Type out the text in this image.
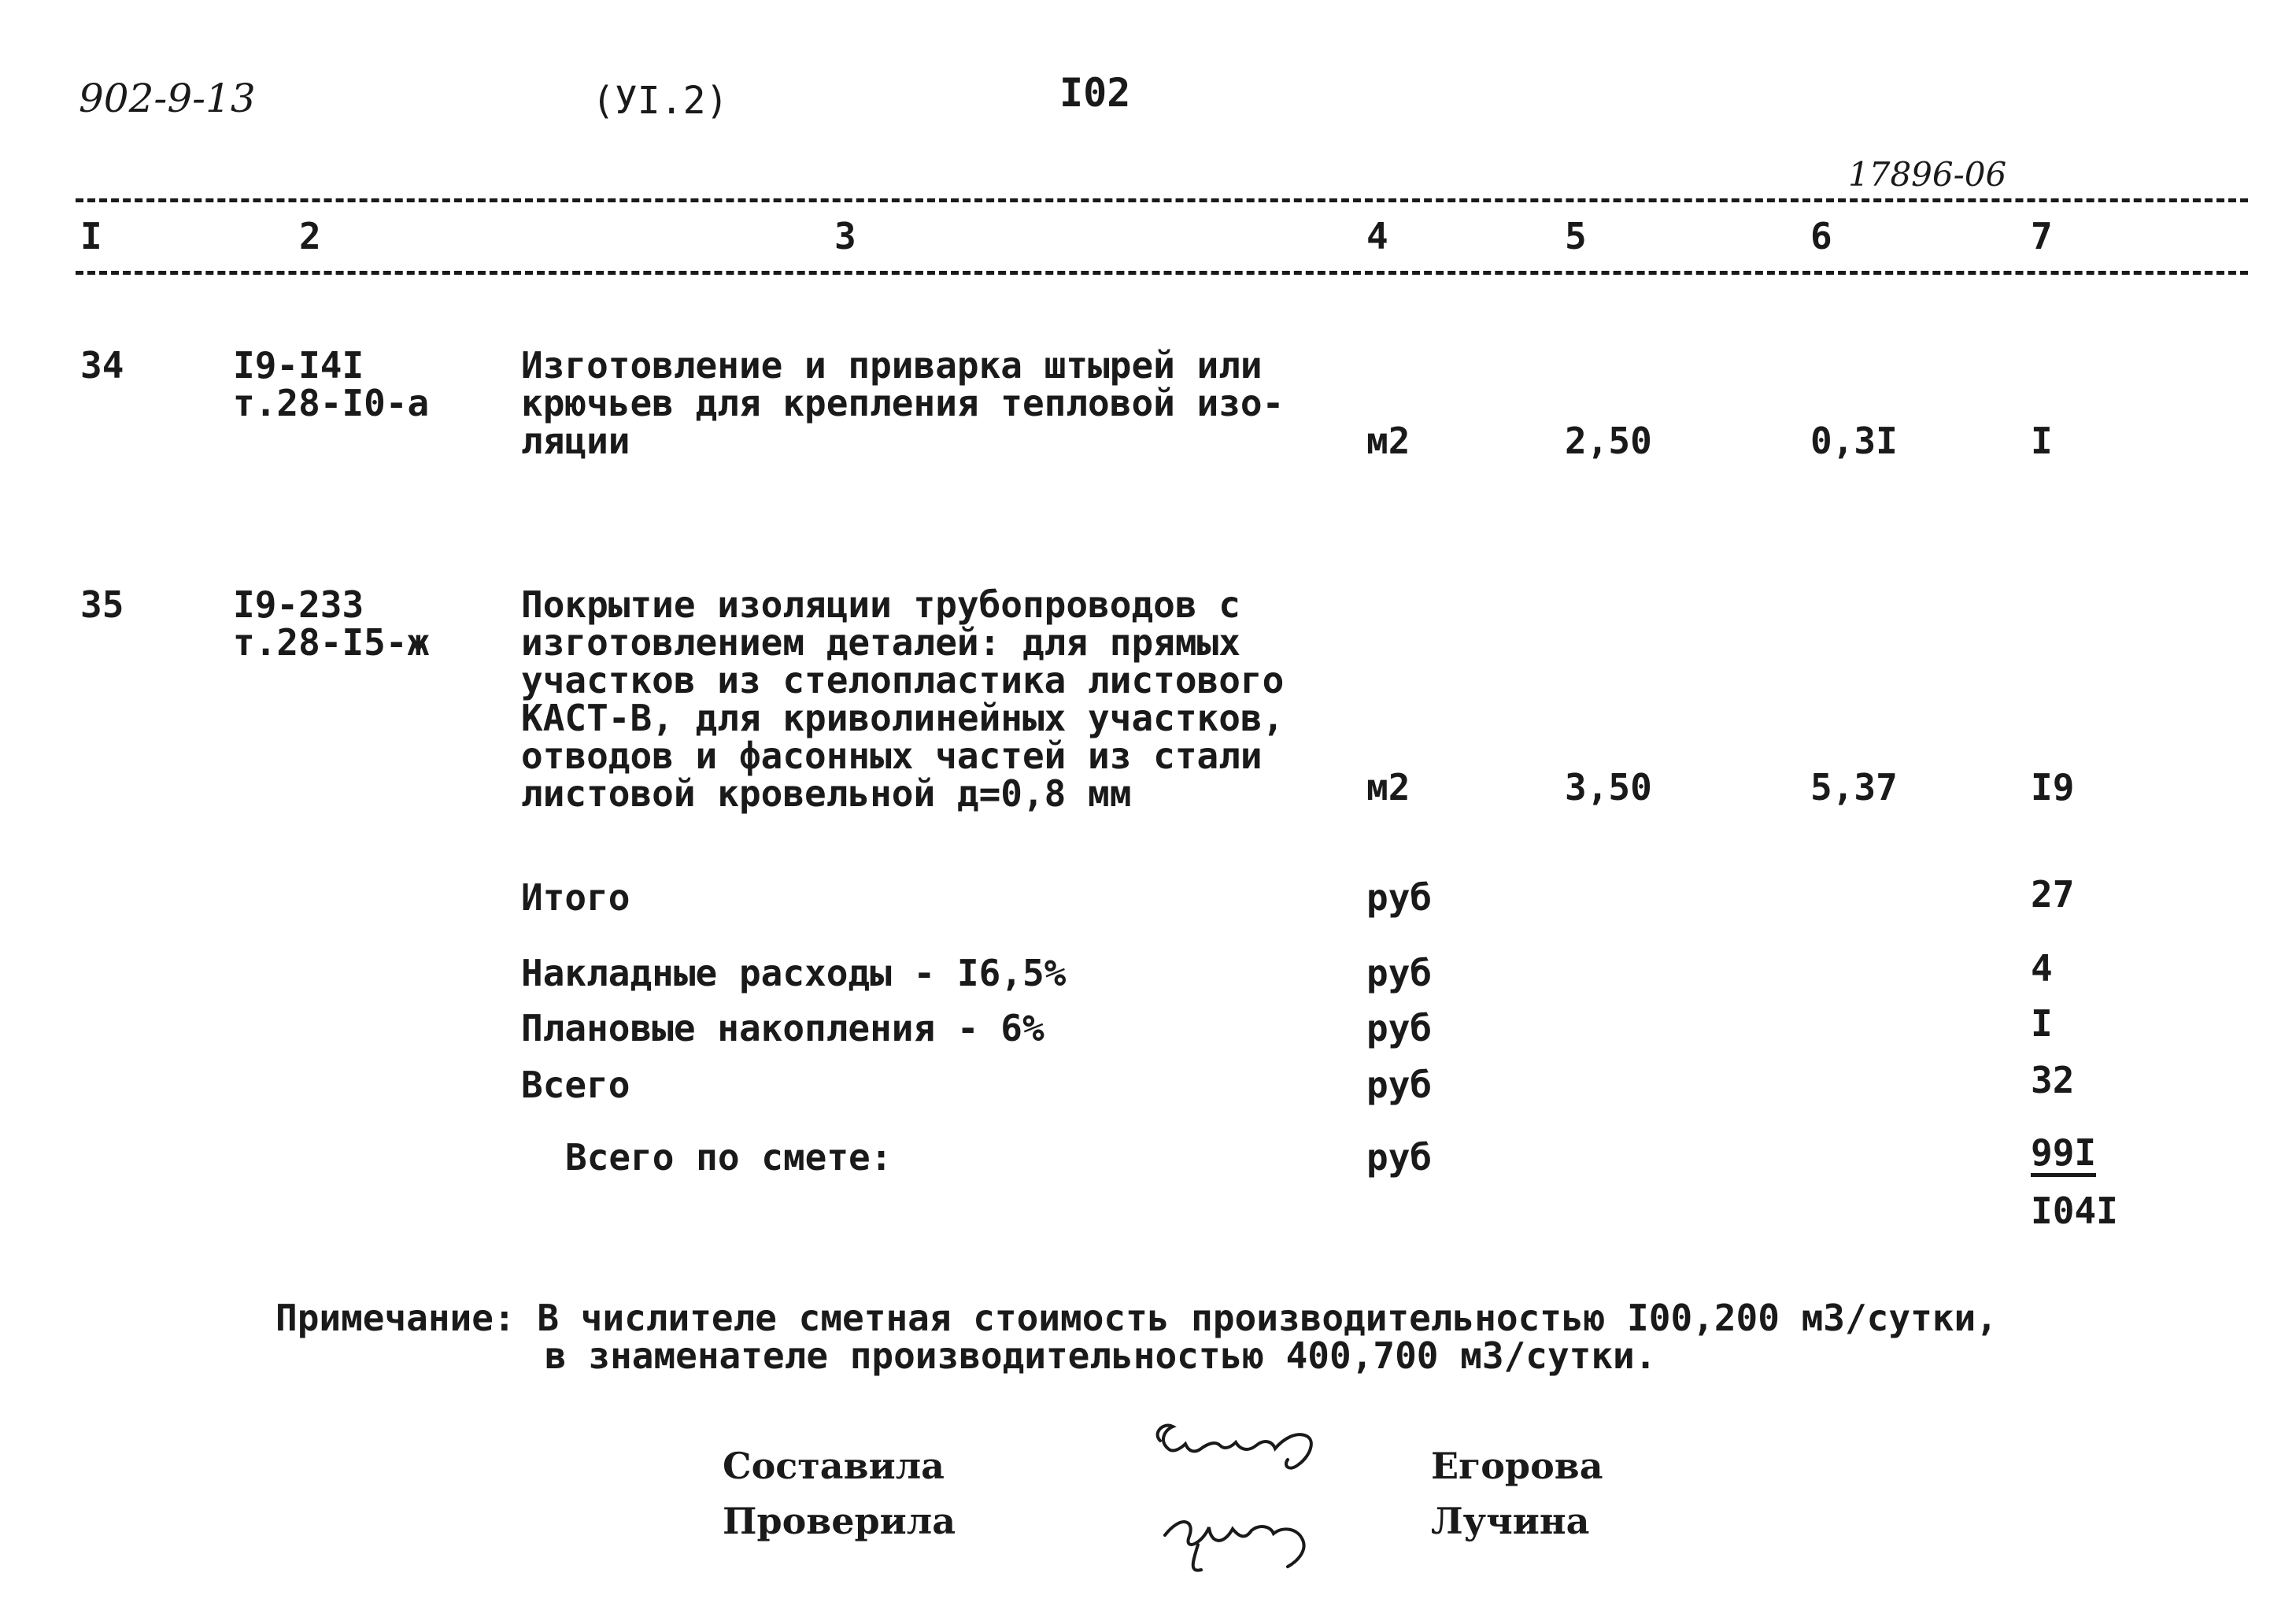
902-9-13	(УI.2)	I02
17896-06
I	2	3	4	5	6	7
34	I9-I4I
т.28-I0-а
Изготовление и приварка штырей или
крючьев для крепления тепловой изо-
ляции	м2	2,50	0,3I	I
35	I9-233
т.28-I5-ж
Покрытие изоляции трубопроводов с
изготовлением деталей: для прямых
участков из стелопластика листового
КАСТ-В, для криволинейных участков,
отводов и фасонных частей из стали
листовой кровельной д=0,8 мм	м2	3,50	5,37	I9
Итого	руб	27
Накладные расходы - I6,5%	руб	4
Плановые накопления - 6%	руб	I
Всего	руб	32
Всего по смете:	руб	99I
I04I
Примечание: В числителе сметная стоимость производительностью I00,200 м3/сутки,
в знаменателе производительностью 400,700 м3/сутки.
Составила	Егорова
Проверила	Лучина
